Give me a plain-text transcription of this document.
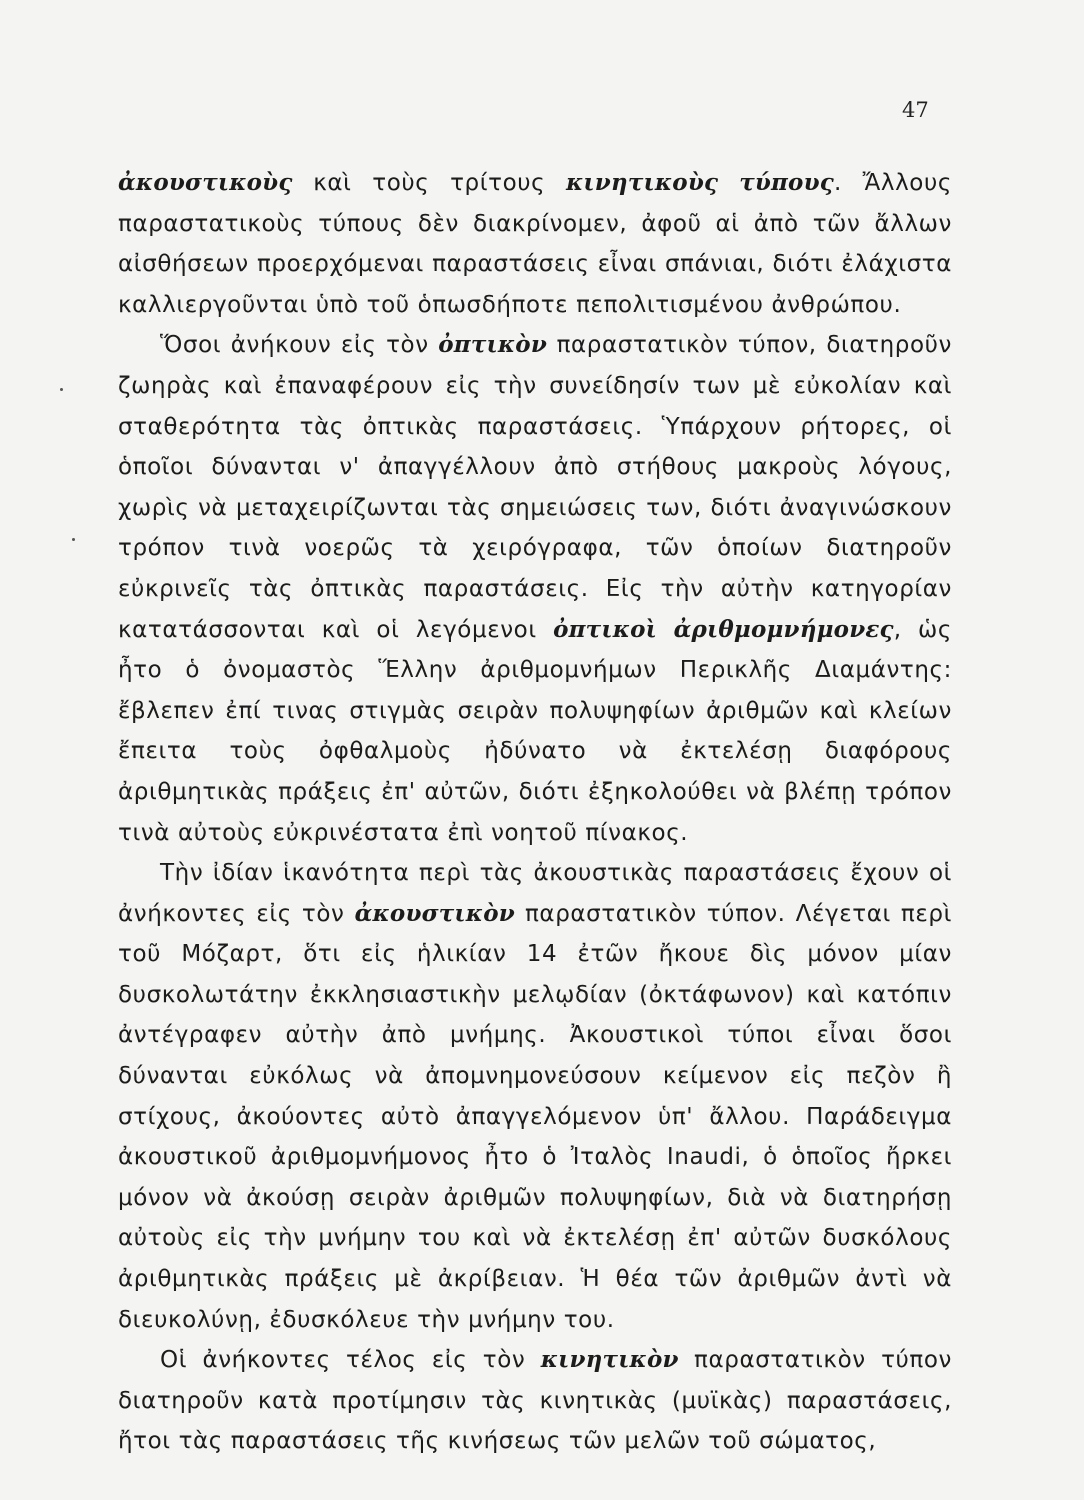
47

ἀκουστικοὺς καὶ τοὺς τρίτους κινητικοὺς τύπους. Ἄλλους παραστατικοὺς τύπους δὲν διακρίνομεν, ἀφοῦ αἱ ἀπὸ τῶν ἄλλων αἰσθήσεων προερχόμεναι παραστάσεις εἶναι σπάνιαι, διότι ἐλάχιστα καλλιεργοῦνται ὑπὸ τοῦ ὁπωσδήποτε πεπολιτισμένου ἀνθρώπου.

Ὅσοι ἀνήκουν εἰς τὸν ὀπτικὸν παραστατικὸν τύπον, διατηροῦν ζωηρὰς καὶ ἐπαναφέρουν εἰς τὴν συνείδησίν των μὲ εὐκολίαν καὶ σταθερότητα τὰς ὀπτικὰς παραστάσεις. Ὑπάρχουν ρήτορες, οἱ ὁποῖοι δύνανται ν' ἀπαγγέλλουν ἀπὸ στήθους μακροὺς λόγους, χωρὶς νὰ μεταχειρίζωνται τὰς σημειώσεις των, διότι ἀναγινώσκουν τρόπον τινὰ νοερῶς τὰ χειρόγραφα, τῶν ὁποίων διατηροῦν εὐκρινεῖς τὰς ὀπτικὰς παραστάσεις. Εἰς τὴν αὐτὴν κατηγορίαν κατατάσσονται καὶ οἱ λεγόμενοι ὀπτικοὶ ἀριθμομνήμονες, ὡς ἦτο ὁ ὀνομαστὸς Ἕλλην ἀριθμομνήμων Περικλῆς Διαμάντης: ἔβλεπεν ἐπί τινας στιγμὰς σειρὰν πολυψηφίων ἀριθμῶν καὶ κλείων ἔπειτα τοὺς ὀφθαλμοὺς ἠδύνατο νὰ ἐκτελέσῃ διαφόρους ἀριθμητικὰς πράξεις ἐπ' αὐτῶν, διότι ἐξηκολούθει νὰ βλέπῃ τρόπον τινὰ αὐτοὺς εὐκρινέστατα ἐπὶ νοητοῦ πίνακος.

Τὴν ἰδίαν ἱκανότητα περὶ τὰς ἀκουστικὰς παραστάσεις ἔχουν οἱ ἀνήκοντες εἰς τὸν ἀκουστικὸν παραστατικὸν τύπον. Λέγεται περὶ τοῦ Μόζαρτ, ὅτι εἰς ἡλικίαν 14 ἐτῶν ἤκουε δὶς μόνον μίαν δυσκολωτάτην ἐκκλησιαστικὴν μελῳδίαν (ὀκτάφωνον) καὶ κατόπιν ἀντέγραφεν αὐτὴν ἀπὸ μνήμης. Ἀκουστικοὶ τύποι εἶναι ὅσοι δύνανται εὐκόλως νὰ ἀπομνημονεύσουν κείμενον εἰς πεζὸν ἢ στίχους, ἀκούοντες αὐτὸ ἀπαγγελόμενον ὑπ' ἄλλου. Παράδειγμα ἀκουστικοῦ ἀριθμομνήμονος ἦτο ὁ Ἰταλὸς Inaudi, ὁ ὁποῖος ἤρκει μόνον νὰ ἀκούσῃ σειρὰν ἀριθμῶν πολυψηφίων, διὰ νὰ διατηρήσῃ αὐτοὺς εἰς τὴν μνήμην του καὶ νὰ ἐκτελέσῃ ἐπ' αὐτῶν δυσκόλους ἀριθμητικὰς πράξεις μὲ ἀκρίβειαν. Ἡ θέα τῶν ἀριθμῶν ἀντὶ νὰ διευκολύνῃ, ἐδυσκόλευε τὴν μνήμην του.

Οἱ ἀνήκοντες τέλος εἰς τὸν κινητικὸν παραστατικὸν τύπον διατηροῦν κατὰ προτίμησιν τὰς κινητικὰς (μυϊκὰς) παραστάσεις, ἤτοι τὰς παραστάσεις τῆς κινήσεως τῶν μελῶν τοῦ σώματος,
